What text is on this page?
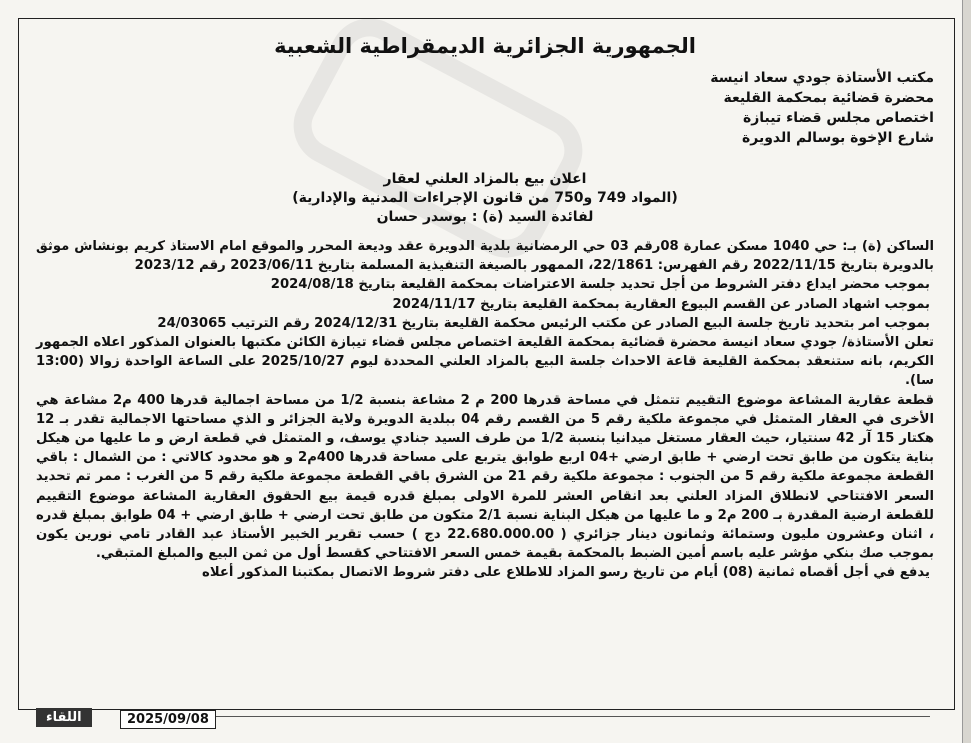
الجمهورية الجزائرية الديمقراطية الشعبية
مكتب الأستاذة جودي سعاد انيسة
محضرة قضائية بمحكمة القليعة
اختصاص مجلس قضاء تيبازة
شارع الإخوة بوسالم الدويرة
اعلان بيع بالمزاد العلني لعقار
(المواد 749 و750 من قانون الإجراءات المدنية والإدارية)
لفائدة السيد (ة) : بوسدر حسان

الساكن (ة) بـ: حي 1040 مسكن عمارة 08رقم 03 حي الرمضانية بلدية الدويرة عقد وديعة المحرر والموقع امام الاستاذ كريم بونشاش موثق بالدويرة بتاريخ 2022/11/15 رقم الفهرس: 22/1861، الممهور بالصيغة التنفيذية المسلمة بتاريخ 2023/06/11 رقم 2023/12

بموجب محضر ايداع دفتر الشروط من أجل تحديد جلسة الاعتراضات بمحكمة القليعة بتاريخ 2024/08/18

بموجب اشهاد الصادر عن القسم البيوع العقارية بمحكمة القليعة بتاريخ 2024/11/17

بموجب امر بتحديد تاريخ جلسة البيع الصادر عن مكتب الرئيس محكمة القليعة بتاريخ 2024/12/31 رقم الترتيب 24/03065

تعلن الأستاذة/ جودي سعاد انيسة محضرة قضائية بمحكمة القليعة اختصاص مجلس قضاء تيبازة الكائن مكتبها بالعنوان المذكور اعلاه الجمهور الكريم، بانه ستنعقد بمحكمة القليعة قاعة الاحداث جلسة البيع بالمزاد العلني المحددة ليوم 2025/10/27 على الساعة الواحدة زوالا (13:00 سا).

قطعة عقارية المشاعة موضوع التقييم تتمثل في مساحة قدرها 200 م 2 مشاعة بنسبة 1/2 من مساحة اجمالية قدرها 400 م2 مشاعة هي الأخرى في العقار المتمثل في مجموعة ملكية رقم 5 من القسم رقم 04 ببلدية الدويرة ولاية الجزائر و الذي مساحتها الاجمالية تقدر بـ 12 هكتار 15 آر 42 سنتيار، حيث العقار مستغل ميدانيا بنسبة 1/2 من طرف السيد جنادي يوسف، و المتمثل في قطعة ارض و ما عليها من هيكل بناية يتكون من طابق تحت ارضي + طابق ارضي +04 اربع طوابق يتربع على مساحة قدرها 400م2 و هو محدود كالاتي : من الشمال : باقي القطعة مجموعة ملكية رقم 5 من الجنوب : مجموعة ملكية رقم 21 من الشرق باقي القطعة مجموعة ملكية رقم 5 من الغرب : ممر تم تحديد السعر الافتتاحي لانطلاق المزاد العلني بعد انقاص العشر للمرة الاولى بمبلغ قدره قيمة بيع الحقوق العقارية المشاعة موضوع التقييم للقطعة ارضية المقدرة بـ 200 م2 و ما عليها من هيكل البناية نسبة 2/1 متكون من طابق تحت ارضي + طابق ارضي + 04 طوابق بمبلغ قدره ، اثنان وعشرون مليون وستمائة وثمانون دينار جزائري ( 22.680.000.00 دج ) حسب تقرير الخبير الأستاذ عبد القادر تامي نورين يكون بموجب صك بنكي مؤشر عليه باسم أمين الضبط بالمحكمة بقيمة خمس السعر الافتتاحي كقسط أول من ثمن البيع والمبلغ المتبقي.

يدفع في أجل أقصاه ثمانية (08) أيام من تاريخ رسو المزاد للاطلاع على دفتر شروط الاتصال بمكتبنا المذكور أعلاه

اللقاء	2025/09/08
